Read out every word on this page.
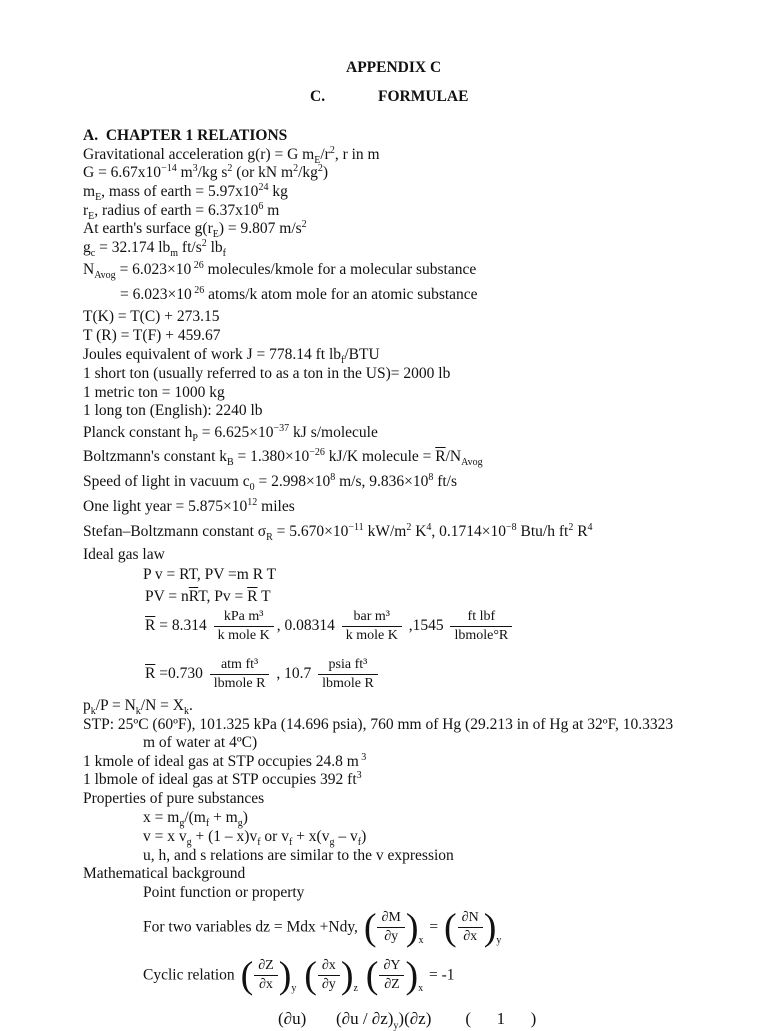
APPENDIX C
C.	FORMULAE
A. CHAPTER 1 RELATIONS
Gravitational acceleration g(r) = G $m_E/r^2$, r in m
$G = 6.67x10^{-14}$ $m^3/kg$ $s^2$ (or kN $m^2/kg^2$)
$m_E$, mass of earth = $5.97x10^{24}$ kg
$r_E$, radius of earth = $6.37x10^6$ m
At earth's surface $g(r_E) = 9.807$ $m/s^2$
$g_c = 32.174$ $lb_m$ $ft/s^2$ $lb_f$
$N_{Avog} = 6.023\times 10$ $^{26}$ molecules/kmole for a molecular substance
= 6.023×10 $^{26}$ atoms/k atom mole for an atomic substance
T(K) = T(C) + 273.15
T (R) = T(F) + 459.67
Joules equivalent of work J = 778.14 ft $lb_f$/BTU
1 short ton (usually referred to as a ton in the US)= 2000 lb
1 metric ton = 1000 kg
1 long ton (English): 2240 lb
Planck constant $h_P = 6.625\times 10^{-37}$ kJ s/molecule
Boltzmann's constant $k_B = 1.380\times 10^{-26}$ kJ/K molecule = $\overline{R}/N_{Avog}$
Speed of light in vacuum $c_0 = 2.998\times 10^8$ m/s, $9.836\times 10^8$ ft/s
One light year = $5.875\times 10^{12}$ miles
Stefan–Boltzmann constant $\sigma_R = 5.670\times 10^{-11}$ $kW/m^2$ $K^4$, $0.1714\times 10^{-8}$ Btu/h $ft^2$ $R^4$
Ideal gas law
P v = RT, PV =m R T
PV = $n\overline{R}T$, $Pv = \overline{R}$ T
$\overline{R} = 8.314 \frac{\text{kPa m³}}{\text{k mole K}}$ , $0.08314 \frac{\text{bar m³}}{\text{k mole K}} ,1545 \frac{\text{ft lbf}}{\text{lbmole°R}}$
$\overline{R} =0.730 \frac{\text{atm ft³}}{\text{lbmole R}}$ , $10.7 \frac{\text{psia ft³}}{\text{lbmole R}}$
$p_k/P = N_k/N = X_k$.
STP: 25ºC (60ºF), 101.325 kPa (14.696 psia), 760 mm of Hg (29.213 in of Hg at 32ºF, 10.3323
m of water at 4ºC)
1 kmole of ideal gas at STP occupies 24.8 m $^3$
1 lbmole of ideal gas at STP occupies 392 $ft^3$
Properties of pure substances
$x = m_g/(m_f + m_g)$
v = x $v_g + (1 - x)v_f$ or $v_f + x(v_g - v_f)$
u, h, and s relations are similar to the v expression
Mathematical background
Point function or property
For two variables dz = Mdx +Ndy, ( $\frac{\partial M}{\partial y} )_x$ = ( $\frac{\partial N}{\partial x} )_y$
Cyclic relation ( $\frac{\partial Z}{\partial x} )_y$ ( $\frac{\partial x}{\partial y} )_z$ ( $\frac{\partial Y}{\partial Z} )_x = -1$
(∂u) $(\partial u / \partial z)_y)(\partial z)$ ( 1 )
